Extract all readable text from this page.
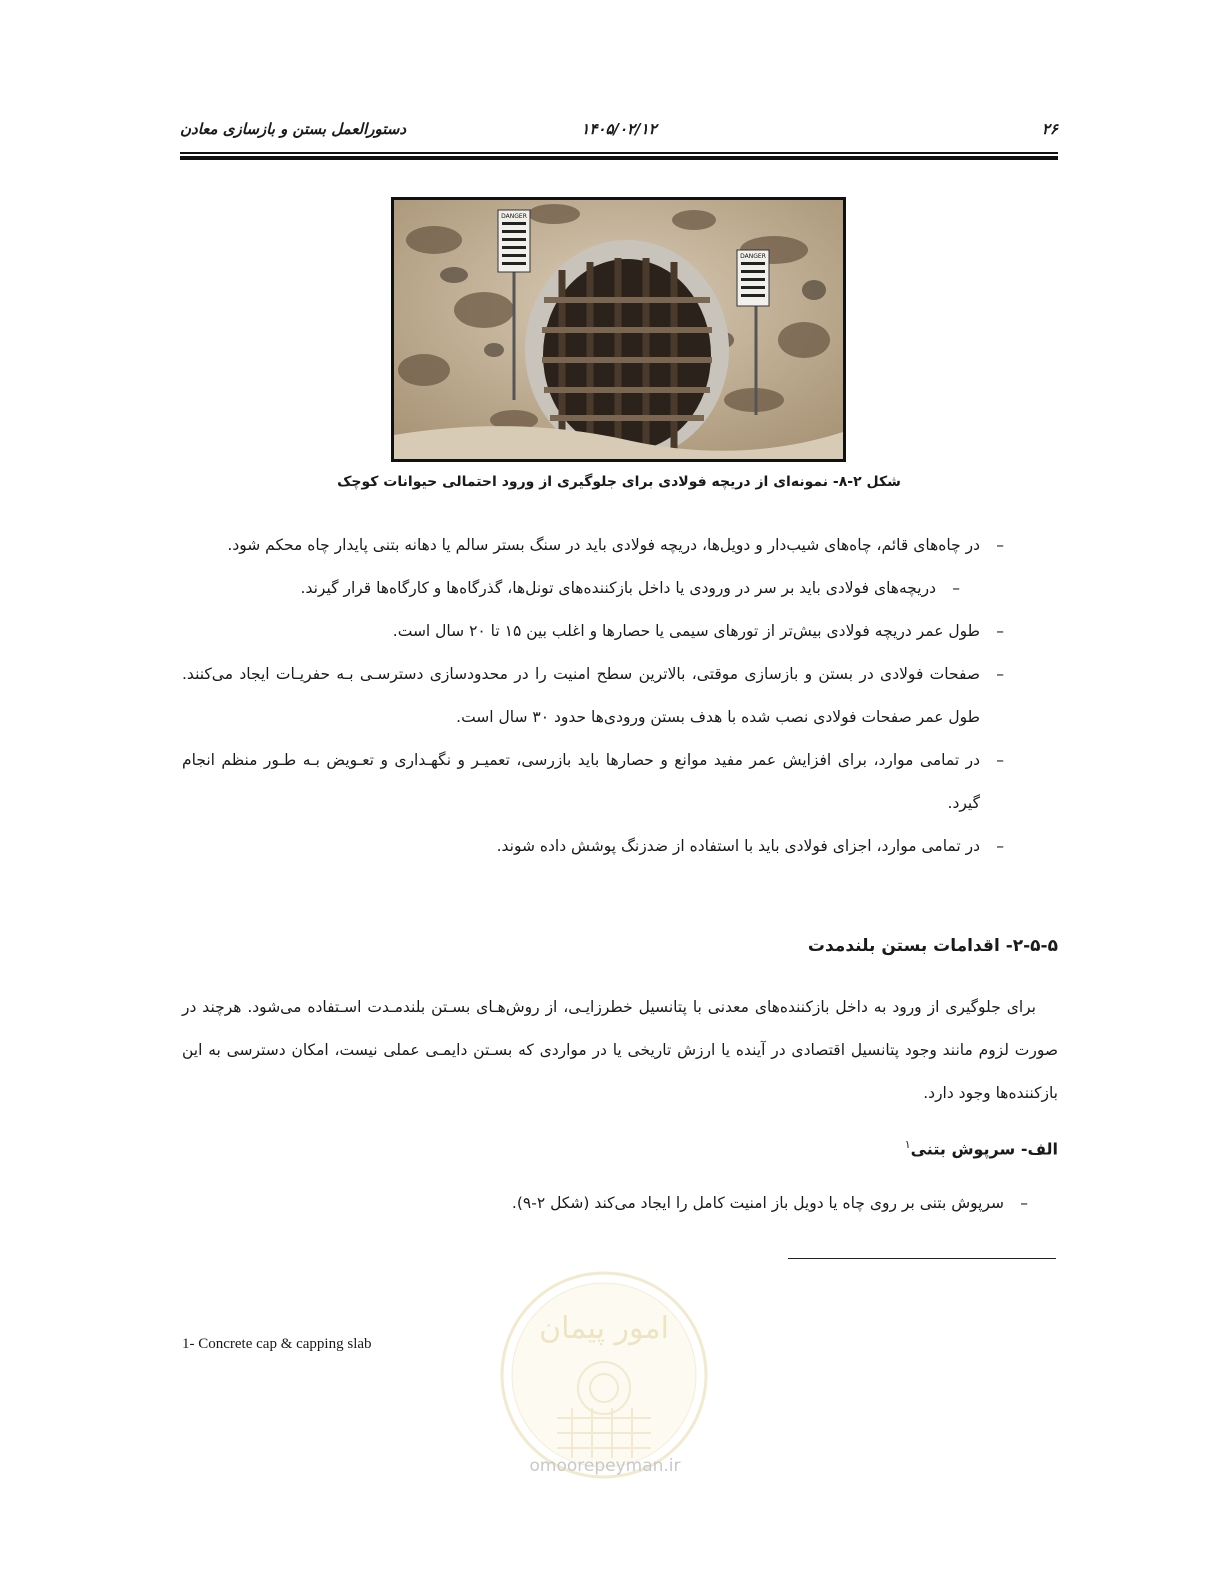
۲۶
۱۴۰۵/۰۲/۱۲
دستورالعمل بستن و بازسازی معادن
DANGER
DANGER
شکل ۲-۸- نمونه‌ای از دریچه فولادی برای جلوگیری از ورود احتمالی حیوانات کوچک
–
در چاه‌های قائم، چاه‌های شیب‌دار و دویل‌ها، دریچه فولادی باید در سنگ بستر سالم یا دهانه بتنی پایدار چاه محکم شود.
–
دریچه‌های فولادی باید بر سر در ورودی یا داخل بازکننده‌های تونل‌ها، گذرگاه‌ها و کارگاه‌ها قرار گیرند.
–
طول عمر دریچه فولادی بیش‌تر از تورهای سیمی یا حصارها و اغلب بین ۱۵ تا ۲۰ سال است.
–
صفحات فولادی در بستن و بازسازی موقتی، بالاترین سطح امنیت را در محدودسازی دسترسـی بـه حفریـات ایجاد می‌کنند. طول عمر صفحات فولادی نصب شده با هدف بستن ورودی‌ها حدود ۳۰ سال است.
–
در تمامی موارد، برای افزایش عمر مفید موانع و حصارها باید بازرسی، تعمیـر و نگهـداری و تعـویض بـه طـور منظم انجام گیرد.
–
در تمامی موارد، اجزای فولادی باید با استفاده از ضدزنگ پوشش داده شوند.
۲-۵-۵- اقدامات بستن بلندمدت

برای جلوگیری از ورود به داخل بازکننده‌های معدنی با پتانسیل خطرزایـی، از روش‌هـای بسـتن بلندمـدت اسـتفاده می‌شود. هرچند در صورت لزوم مانند وجود پتانسیل اقتصادی در آینده یا ارزش تاریخی یا در مواردی که بسـتن دایمـی عملی نیست، امکان دسترسی به این بازکننده‌ها وجود دارد.

الف- سرپوش بتنی$^۱$
–
سرپوش بتنی بر روی چاه یا دویل باز امنیت کامل را ایجاد می‌کند (شکل ۲-۹).
1- Concrete cap & capping slab	امور پیمان
omoorepeyman.ir
